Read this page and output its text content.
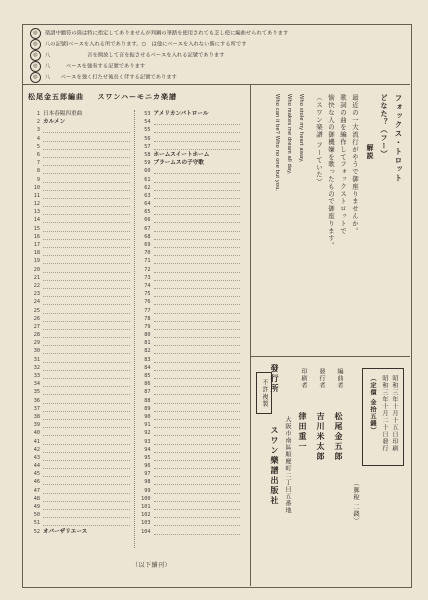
◎ 楽譜中鰡符の箇は特に指定してありませんが判鋼の筆踏を使用されても芝し使に編曲せられてあります
◎ 八の記號Ⅰベースを入れる所であります。○　は他にベースを入れない勝にする所です
◎ 八　　　　　　　音を開放して音を振させるベースを入れる記號であります
◎ 八　　　ベースを強奏する記號であります
◎ 八　　ベースを強く打たせ後長く伴する記號であります
松尾金五郎編曲 スワンハーモニカ楽譜
1 日本春陽四重曲
2 カルメン
3
4
5
6
7
8
9
10
11
12
13
14
15
16
17
18
19
20
21
22
23
24
25
26
27
28
29
30
31
32
33
34
35
36
37
38
39
40
41
42
43
44
45
46
47
48
49
50
51
52 オパーザリエース
53 アメリカンパトロール
54
55
56
57
58 ホームスイートホーム
59 ブラームスの子守歌
60
61
62
63
64
65
66
67
68
69
70
71
72
73
74
75
76
77
78
79
80
81
82
83
84
85
86
87
88
89
90
91
92
93
94
95
96
97
98
99
100
101
102
103
104
（以下續刊）
フォックス・トロット
どなた？（フー）
解説
最近の一大流行がやうで御座りませんか。
歌詞の曲を編作してフォックストロットで
愉快な人の御機嫌を歌ったもので御座ります。
（スワン楽譜 フーていた）
Who stole my heart away,
Who makes me dream all day,
Who can it be? Who no one but you.
不許複製	昭和三年十月十五日印刷
昭和三年十月二十日發行
（定價 金拾五錢）
（郵稅 二錢）
編曲者
松尾金五郎
發行者
吉川米太郎
印刷者
律田重一
大阪市南區順慶町二丁目五番地
發行所
スワン樂譜出版社
